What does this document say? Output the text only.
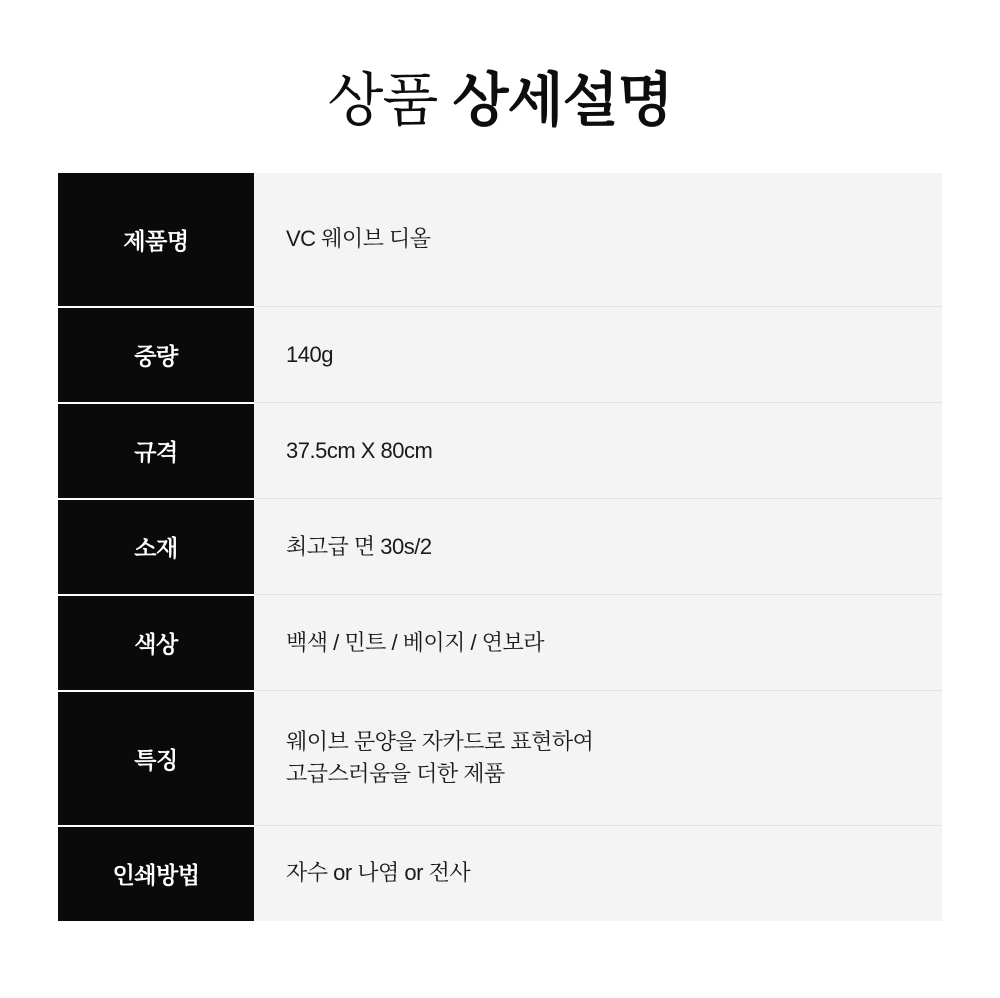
상품 상세설명
제품명	VC 웨이브 디올

중량	140g

규격	37.5cm X 80cm

소재	최고급 면 30s/2

색상	백색 / 민트 / 베이지 / 연보라

특징	웨이브 문양을 자카드로 표현하여
고급스러움을 더한 제품

인쇄방법	자수 or 나염 or 전사
